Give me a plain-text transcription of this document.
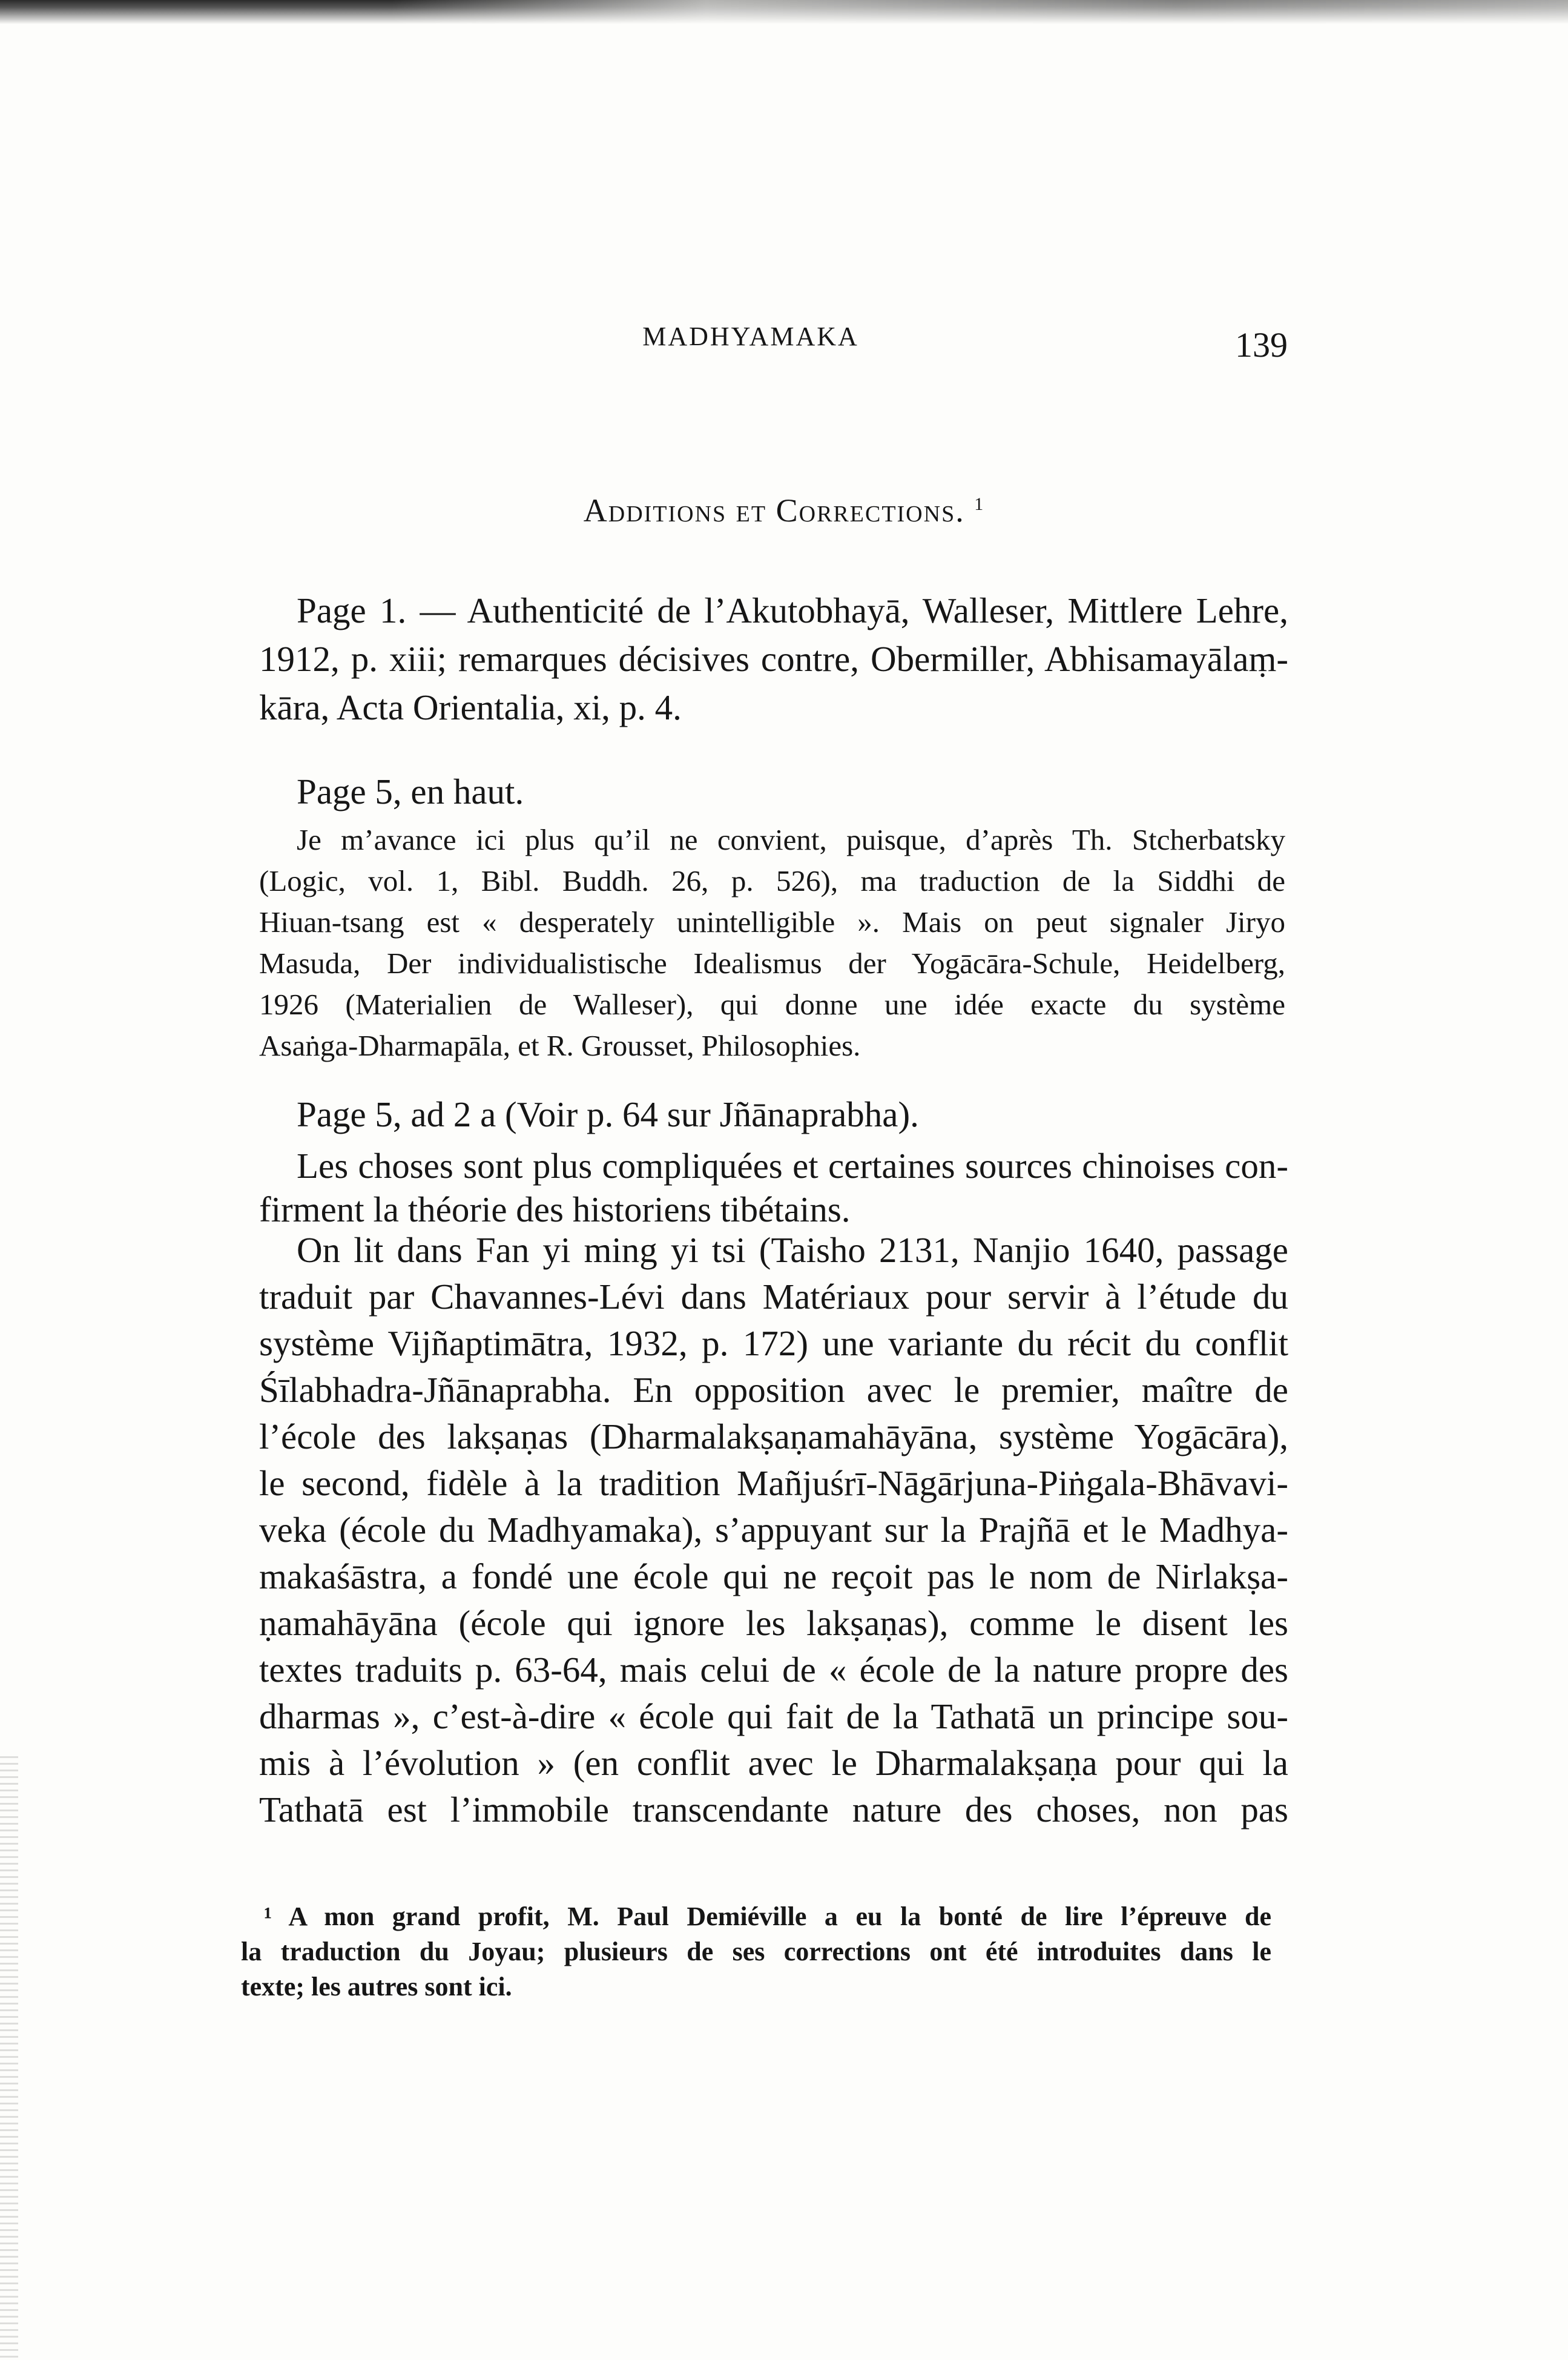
MADHYAMAKA	139
Additions et Corrections. $^1$
Page 1. — Authenticité de l’Akutobhayā, Walleser, Mittlere Lehre,
1912, p. xiii; remarques décisives contre, Obermiller, Abhisamayālaṃ-
kāra, Acta Orientalia, xi, p. 4.
Page 5, en haut.
Je m’avance ici plus qu’il ne convient, puisque, d’après Th. Stcherbatsky
(Logic, vol. 1, Bibl. Buddh. 26, p. 526), ma traduction de la Siddhi de
Hiuan-tsang est « desperately unintelligible ». Mais on peut signaler Jiryo
Masuda, Der individualistische Idealismus der Yogācāra-Schule, Heidelberg,
1926 (Materialien de Walleser), qui donne une idée exacte du système
Asaṅga-Dharmapāla, et R. Grousset, Philosophies.
Page 5, ad 2 a (Voir p. 64 sur Jñānaprabha).
Les choses sont plus compliquées et certaines sources chinoises con-
firment la théorie des historiens tibétains.
On lit dans Fan yi ming yi tsi (Taisho 2131, Nanjio 1640, passage
traduit par Chavannes-Lévi dans Matériaux pour servir à l’étude du
système Vijñaptimātra, 1932, p. 172) une variante du récit du conflit
Śīlabhadra-Jñānaprabha. En opposition avec le premier, maître de
l’école des lakṣaṇas (Dharmalakṣaṇamahāyāna, système Yogācāra),
le second, fidèle à la tradition Mañjuśrī-Nāgārjuna-Piṅgala-Bhāvavi-
veka (école du Madhyamaka), s’appuyant sur la Prajñā et le Madhya-
makaśāstra, a fondé une école qui ne reçoit pas le nom de Nirlakṣa-
ṇamahāyāna (école qui ignore les lakṣaṇas), comme le disent les
textes traduits p. 63-64, mais celui de « école de la nature propre des
dharmas », c’est-à-dire « école qui fait de la Tathatā un principe sou-
mis à l’évolution » (en conflit avec le Dharmalakṣaṇa pour qui la
Tathatā est l’immobile transcendante nature des choses, non pas
¹ A mon grand profit, M. Paul Demiéville a eu la bonté de lire l’épreuve de
la traduction du Joyau; plusieurs de ses corrections ont été introduites dans le
texte; les autres sont ici.
